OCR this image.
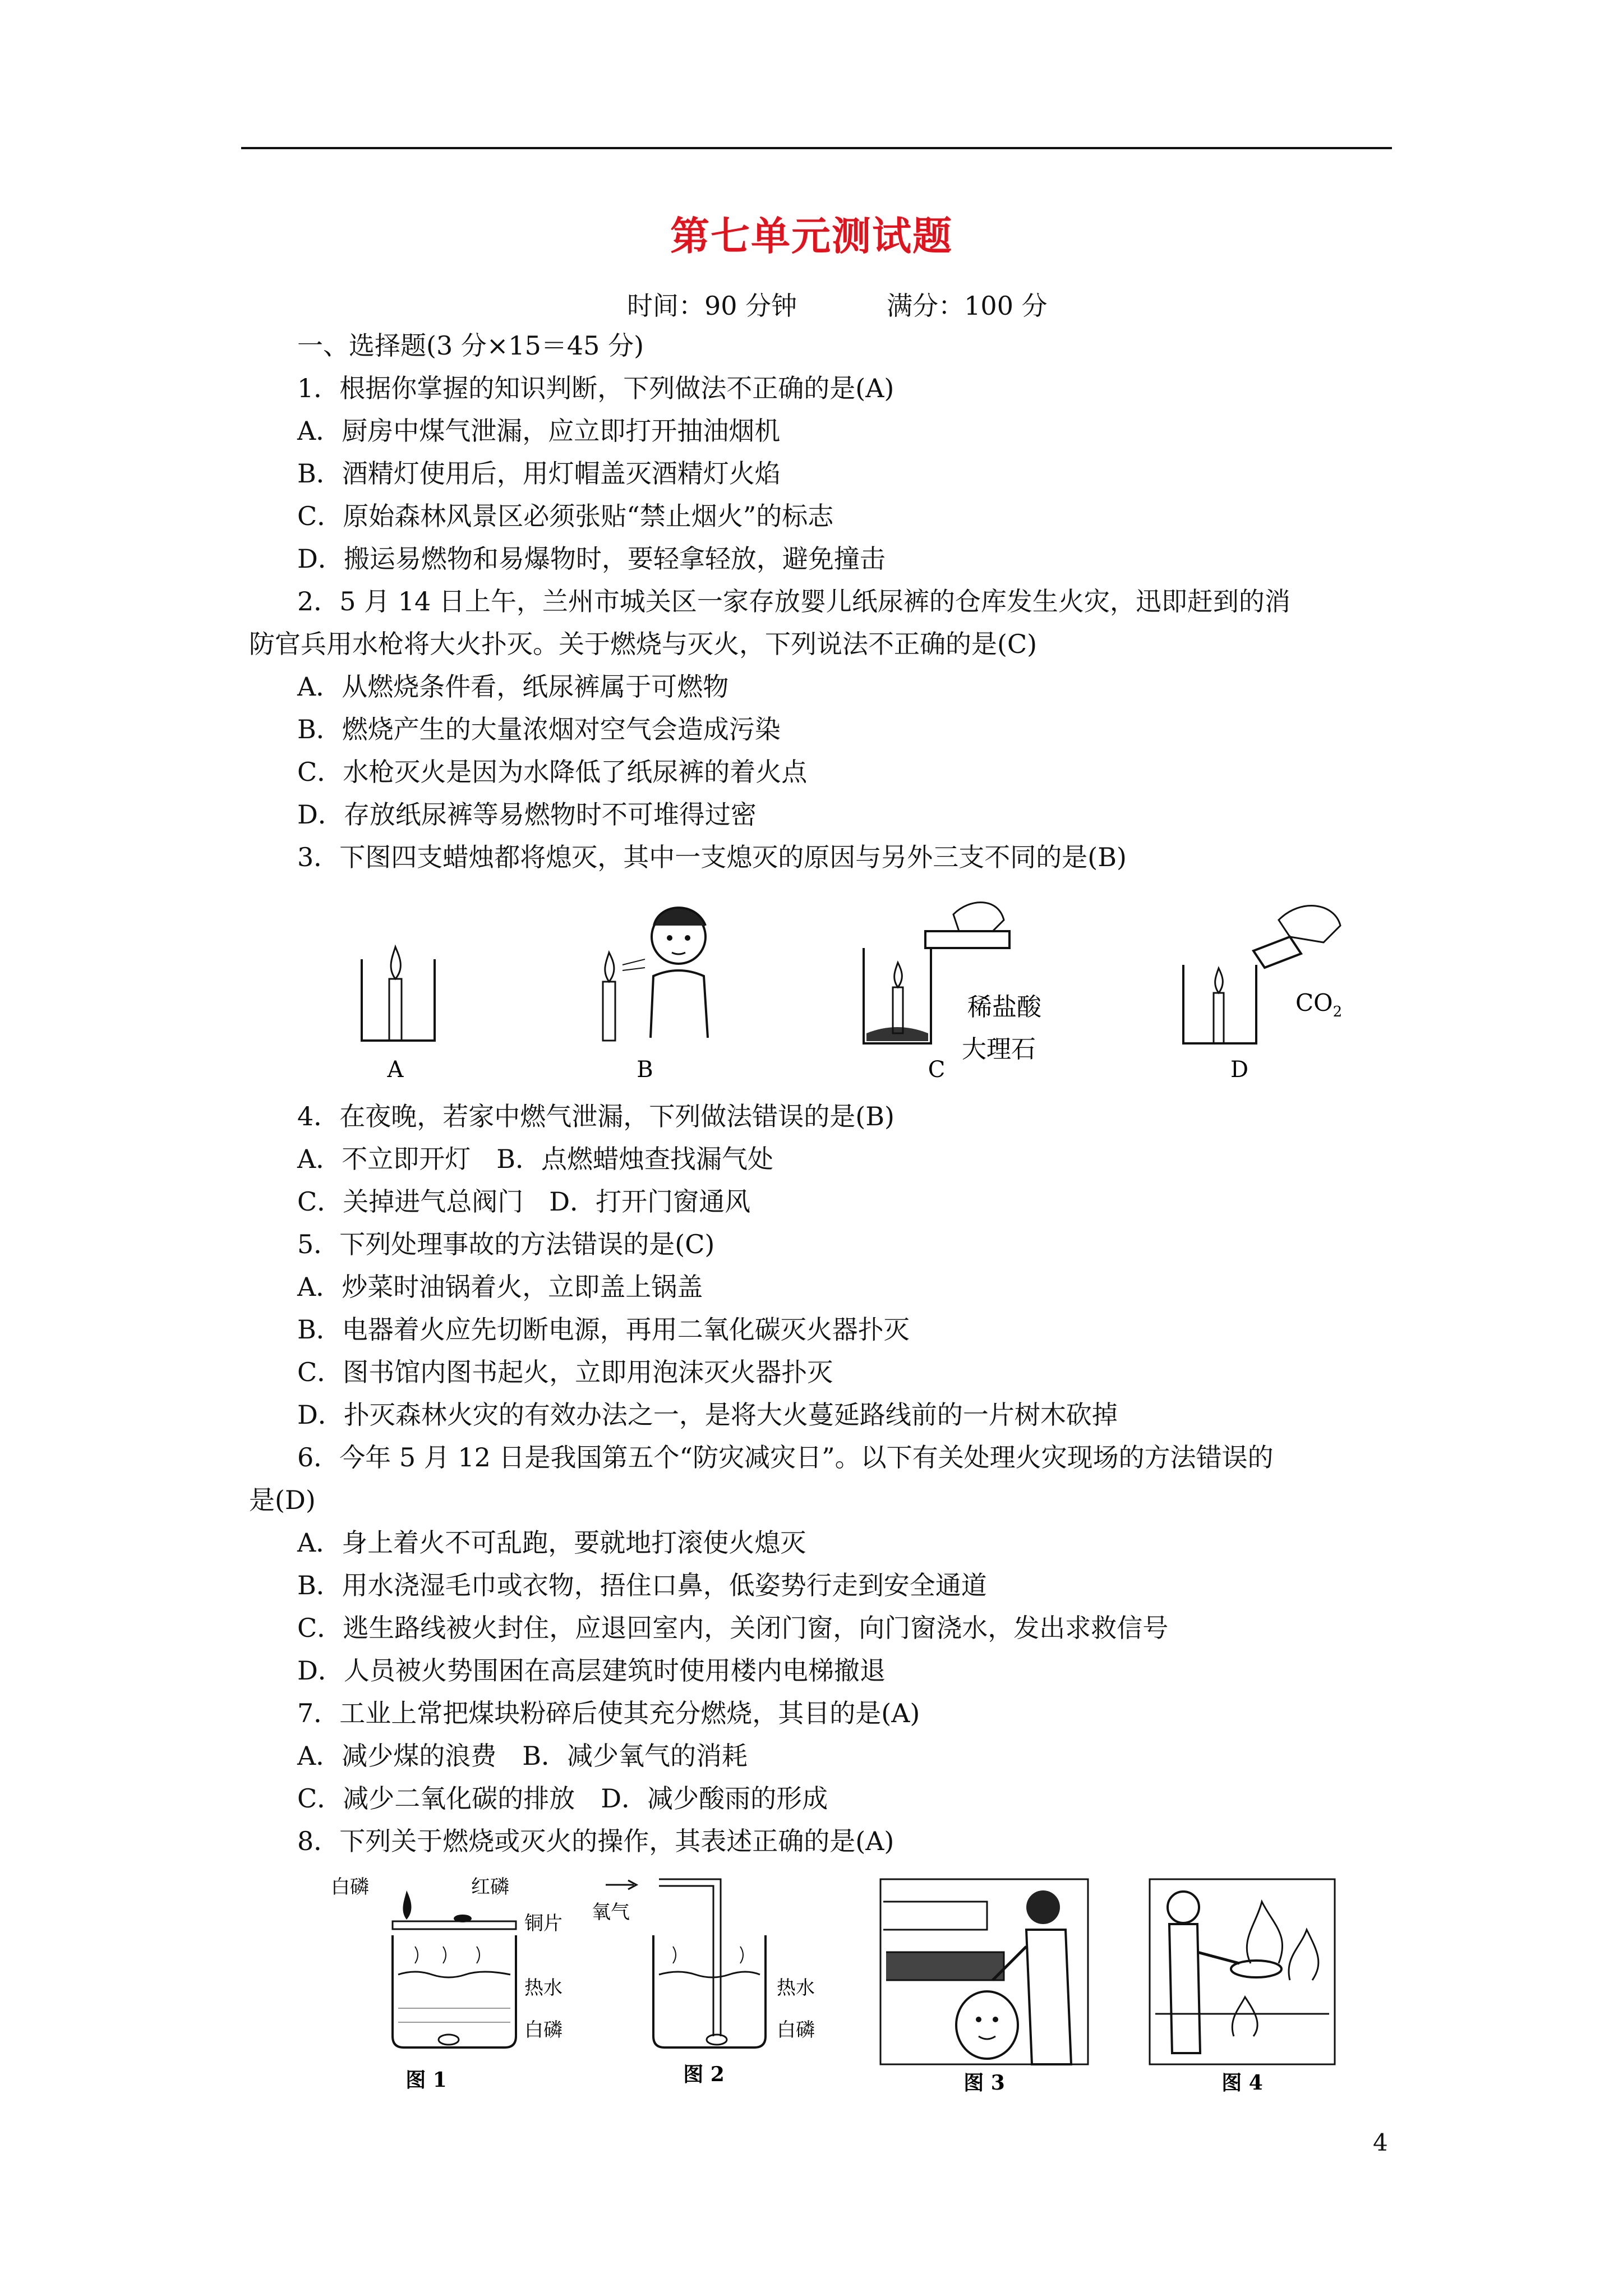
第七单元测试题
时间：90 分钟	满分：100 分
一、选择题(3 分×15＝45 分)
1．根据你掌握的知识判断，下列做法不正确的是(A)
A．厨房中煤气泄漏，应立即打开抽油烟机
B．酒精灯使用后，用灯帽盖灭酒精灯火焰
C．原始森林风景区必须张贴“禁止烟火”的标志
D．搬运易燃物和易爆物时，要轻拿轻放，避免撞击
2．5 月 14 日上午，兰州市城关区一家存放婴儿纸尿裤的仓库发生火灾，迅即赶到的消
防官兵用水枪将大火扑灭。关于燃烧与灭火，下列说法不正确的是(C)
A．从燃烧条件看，纸尿裤属于可燃物
B．燃烧产生的大量浓烟对空气会造成污染
C．水枪灭火是因为水降低了纸尿裤的着火点
D．存放纸尿裤等易燃物时不可堆得过密
3．下图四支蜡烛都将熄灭，其中一支熄灭的原因与另外三支不同的是(B)
A	B
稀盐酸
大理石
C
$CO_2$
D
4．在夜晚，若家中燃气泄漏，下列做法错误的是(B)
A．不立即开灯　B．点燃蜡烛查找漏气处
C．关掉进气总阀门　D．打开门窗通风
5．下列处理事故的方法错误的是(C)
A．炒菜时油锅着火，立即盖上锅盖
B．电器着火应先切断电源，再用二氧化碳灭火器扑灭
C．图书馆内图书起火，立即用泡沫灭火器扑灭
D．扑灭森林火灾的有效办法之一，是将大火蔓延路线前的一片树木砍掉
6．今年 5 月 12 日是我国第五个“防灾减灾日”。以下有关处理火灾现场的方法错误的
是(D)
A．身上着火不可乱跑，要就地打滚使火熄灭
B．用水浇湿毛巾或衣物，捂住口鼻，低姿势行走到安全通道
C．逃生路线被火封住，应退回室内，关闭门窗，向门窗浇水，发出求救信号
D．人员被火势围困在高层建筑时使用楼内电梯撤退
7．工业上常把煤块粉碎后使其充分燃烧，其目的是(A)
A．减少煤的浪费　B．减少氧气的消耗
C．减少二氧化碳的排放　D．减少酸雨的形成
8．下列关于燃烧或灭火的操作，其表述正确的是(A)
白磷	红磷
铜片
热水
白磷
图 1
氧气
热水
白磷
图 2	图 3	图 4
4
